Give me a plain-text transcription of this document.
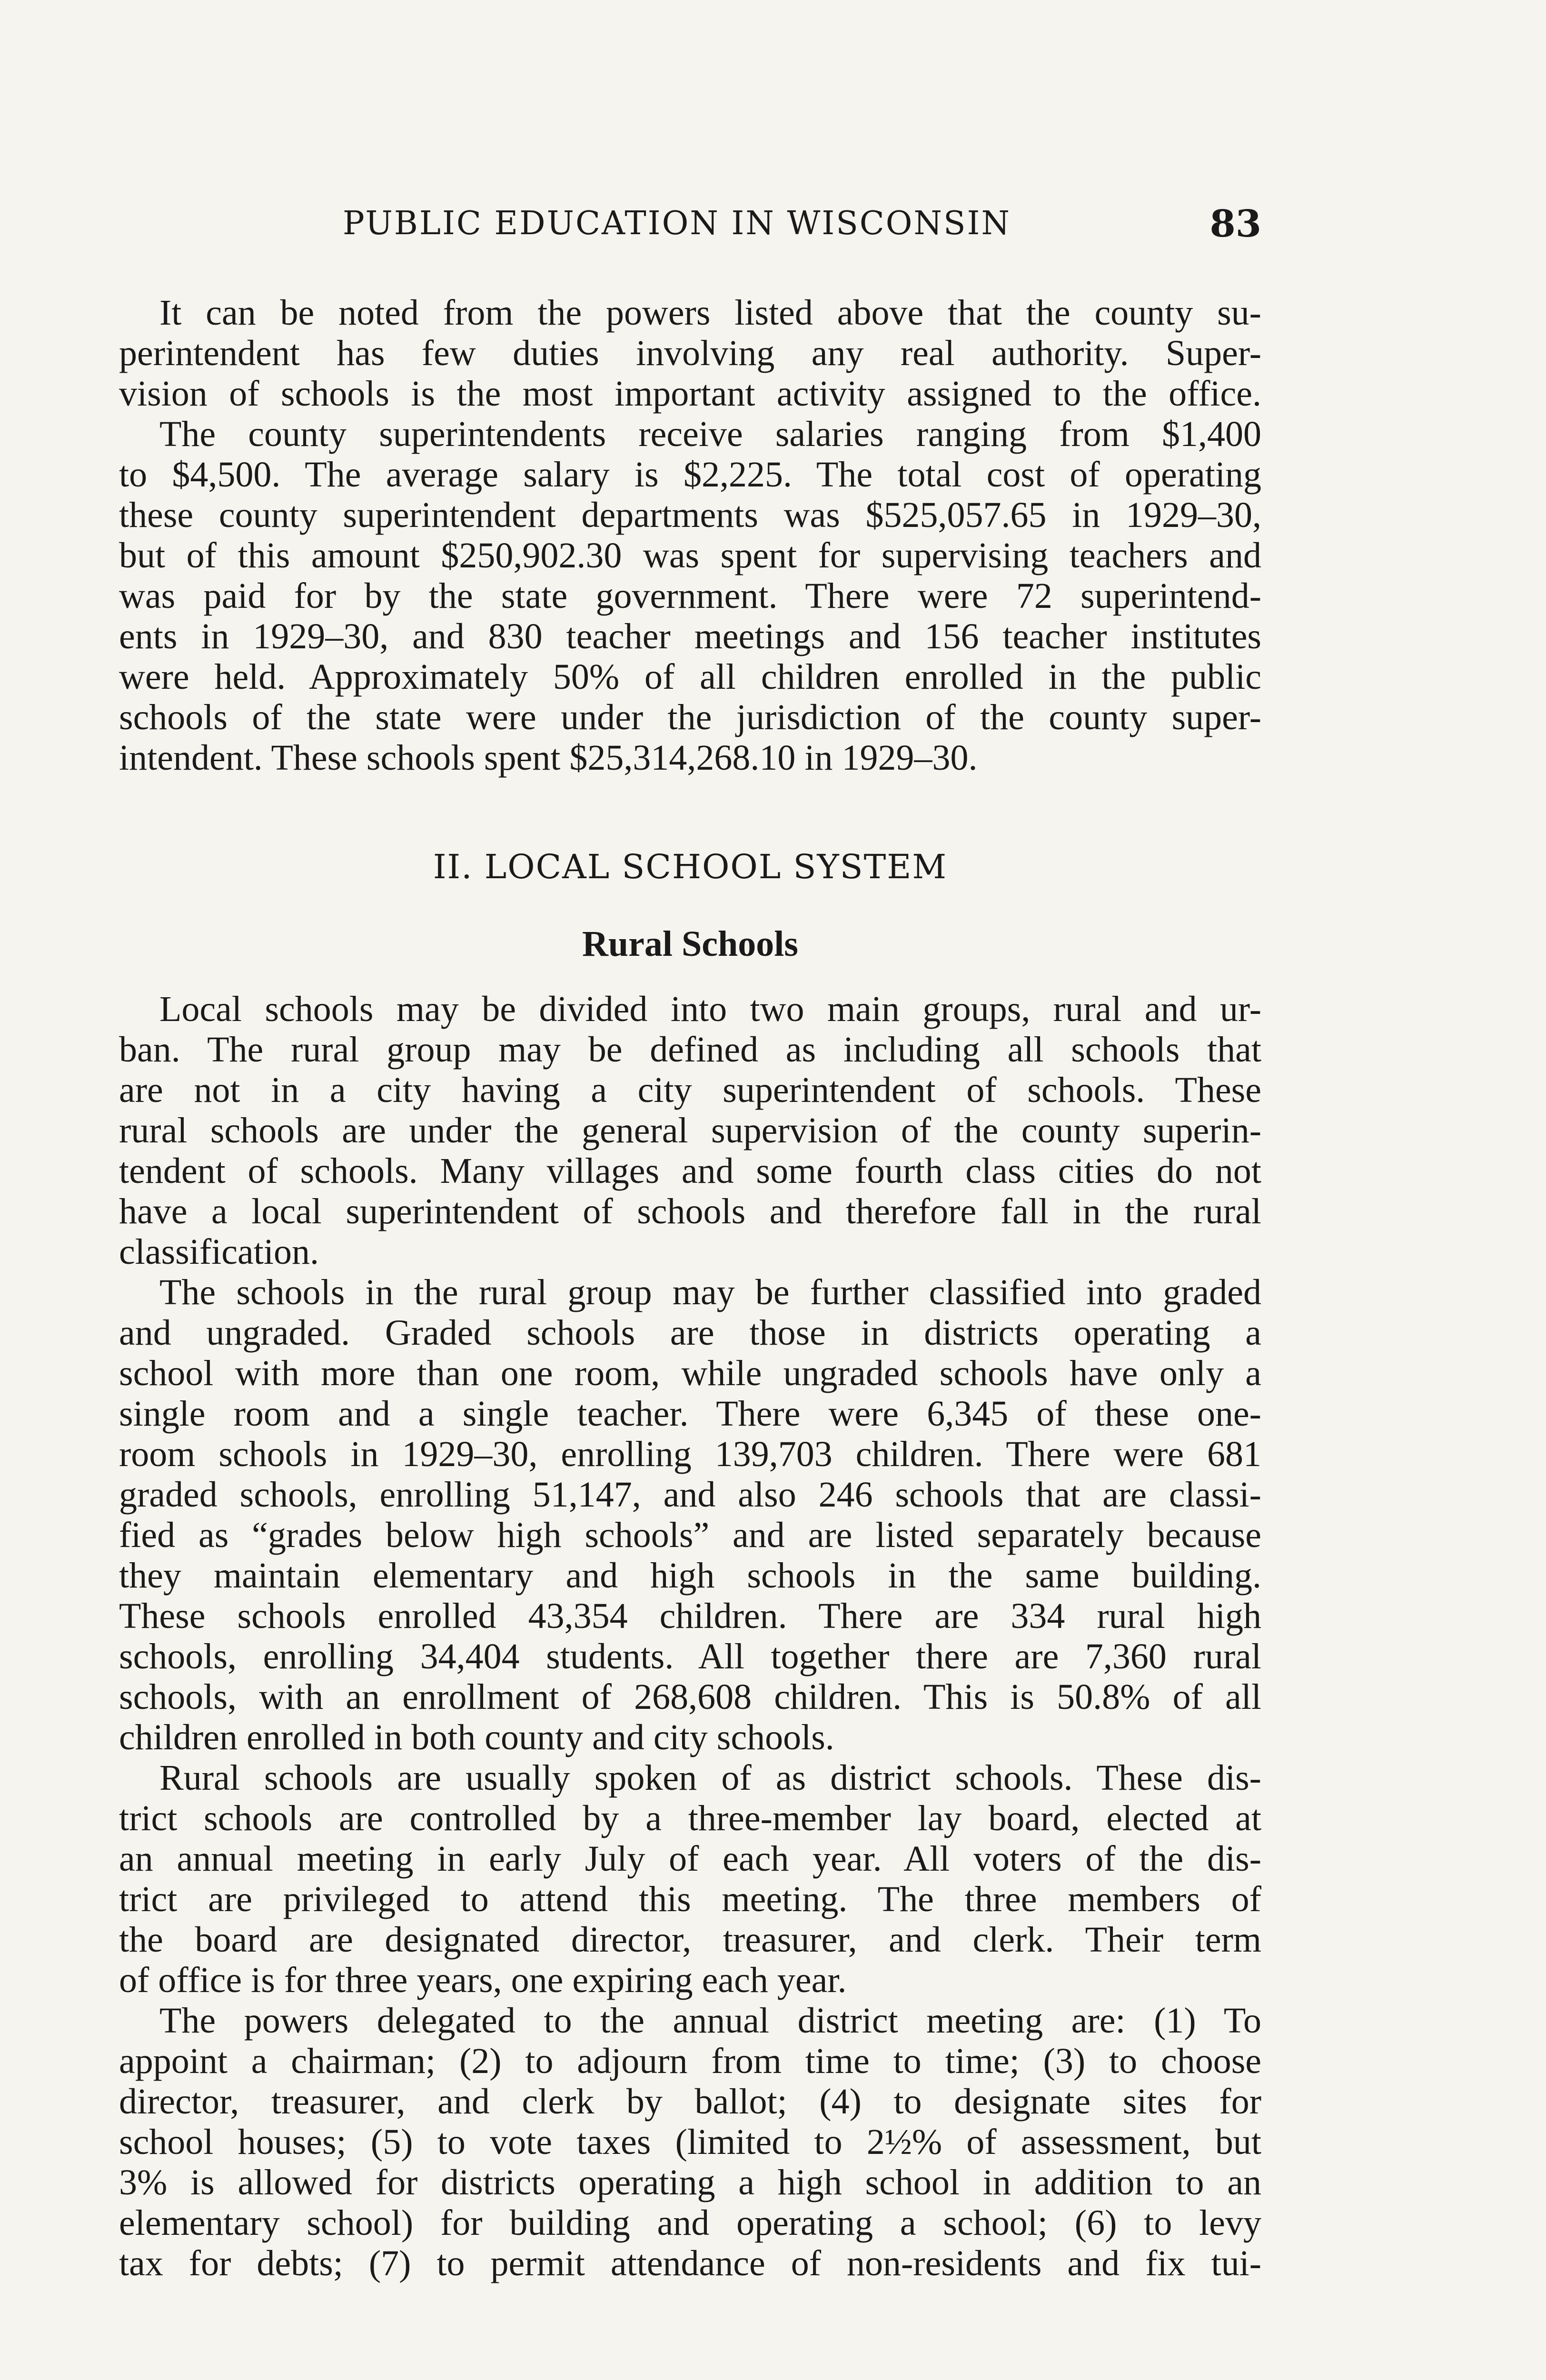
PUBLIC EDUCATION IN WISCONSIN	83
It can be noted from the powers listed above that the county su-
perintendent has few duties involving any real authority. Super-
vision of schools is the most important activity assigned to the office.
The county superintendents receive salaries ranging from $1,400
to $4,500. The average salary is $2,225. The total cost of operating
these county superintendent departments was $525,057.65 in 1929–30,
but of this amount $250,902.30 was spent for supervising teachers and
was paid for by the state government. There were 72 superintend-
ents in 1929–30, and 830 teacher meetings and 156 teacher institutes
were held. Approximately 50% of all children enrolled in the public
schools of the state were under the jurisdiction of the county super-
intendent. These schools spent $25,314,268.10 in 1929–30.
II. LOCAL SCHOOL SYSTEM
Rural Schools
Local schools may be divided into two main groups, rural and ur-
ban. The rural group may be defined as including all schools that
are not in a city having a city superintendent of schools. These
rural schools are under the general supervision of the county superin-
tendent of schools. Many villages and some fourth class cities do not
have a local superintendent of schools and therefore fall in the rural
classification.
The schools in the rural group may be further classified into graded
and ungraded. Graded schools are those in districts operating a
school with more than one room, while ungraded schools have only a
single room and a single teacher. There were 6,345 of these one-
room schools in 1929–30, enrolling 139,703 children. There were 681
graded schools, enrolling 51,147, and also 246 schools that are classi-
fied as “grades below high schools” and are listed separately because
they maintain elementary and high schools in the same building.
These schools enrolled 43,354 children. There are 334 rural high
schools, enrolling 34,404 students. All together there are 7,360 rural
schools, with an enrollment of 268,608 children. This is 50.8% of all
children enrolled in both county and city schools.
Rural schools are usually spoken of as district schools. These dis-
trict schools are controlled by a three-member lay board, elected at
an annual meeting in early July of each year. All voters of the dis-
trict are privileged to attend this meeting. The three members of
the board are designated director, treasurer, and clerk. Their term
of office is for three years, one expiring each year.
The powers delegated to the annual district meeting are: (1) To
appoint a chairman; (2) to adjourn from time to time; (3) to choose
director, treasurer, and clerk by ballot; (4) to designate sites for
school houses; (5) to vote taxes (limited to 2½% of assessment, but
3% is allowed for districts operating a high school in addition to an
elementary school) for building and operating a school; (6) to levy
tax for debts; (7) to permit attendance of non-residents and fix tui-
